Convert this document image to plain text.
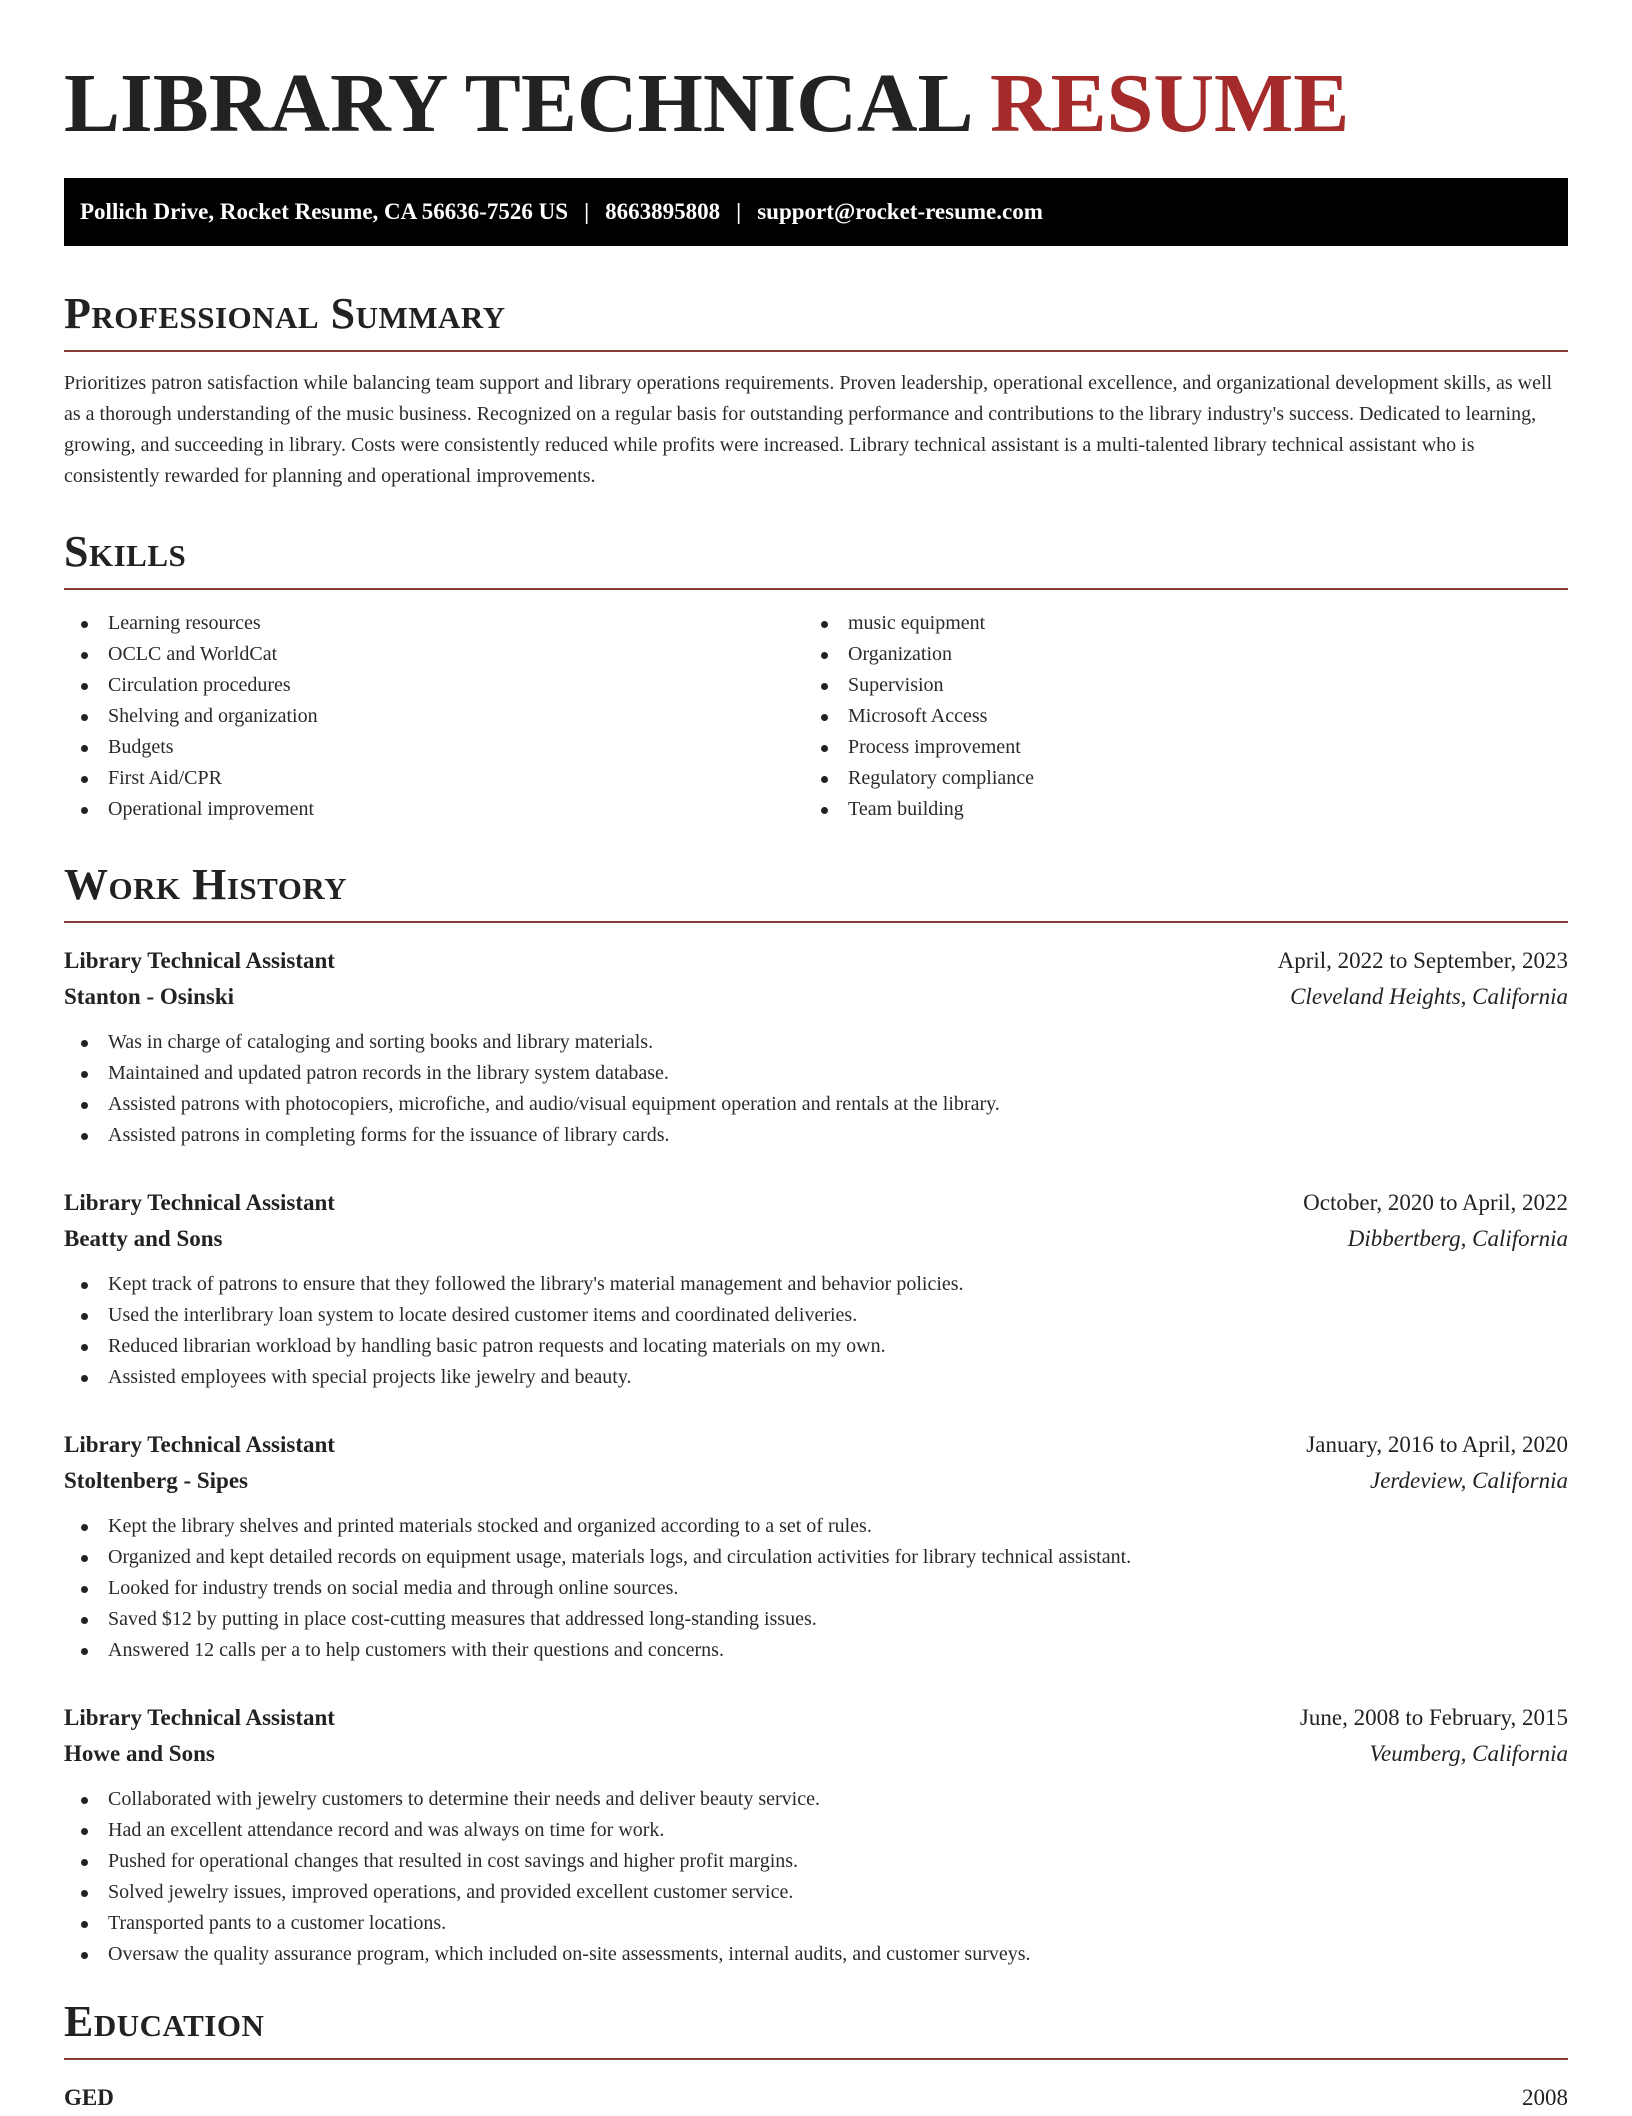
LIBRARY TECHNICAL RESUME
Pollich Drive, Rocket Resume, CA 56636-7526 US | 8663895808 | support@rocket-resume.com
Professional Summary

Prioritizes patron satisfaction while balancing team support and library operations requirements. Proven leadership, operational excellence, and organizational development skills, as well as a thorough understanding of the music business. Recognized on a regular basis for outstanding performance and contributions to the library industry's success. Dedicated to learning, growing, and succeeding in library. Costs were consistently reduced while profits were increased. Library technical assistant is a multi-talented library technical assistant who is consistently rewarded for planning and operational improvements.

Skills
Learning resources
OCLC and WorldCat
Circulation procedures
Shelving and organization
Budgets
First Aid/CPR
Operational improvement
music equipment
Organization
Supervision
Microsoft Access
Process improvement
Regulatory compliance
Team building
Work History
Library Technical Assistant	April, 2022 to September, 2023
Stanton - Osinski	Cleveland Heights, California
Was in charge of cataloging and sorting books and library materials.
Maintained and updated patron records in the library system database.
Assisted patrons with photocopiers, microfiche, and audio/visual equipment operation and rentals at the library.
Assisted patrons in completing forms for the issuance of library cards.
Library Technical Assistant	October, 2020 to April, 2022
Beatty and Sons	Dibbertberg, California
Kept track of patrons to ensure that they followed the library's material management and behavior policies.
Used the interlibrary loan system to locate desired customer items and coordinated deliveries.
Reduced librarian workload by handling basic patron requests and locating materials on my own.
Assisted employees with special projects like jewelry and beauty.
Library Technical Assistant	January, 2016 to April, 2020
Stoltenberg - Sipes	Jerdeview, California
Kept the library shelves and printed materials stocked and organized according to a set of rules.
Organized and kept detailed records on equipment usage, materials logs, and circulation activities for library technical assistant.
Looked for industry trends on social media and through online sources.
Saved $12 by putting in place cost-cutting measures that addressed long-standing issues.
Answered 12 calls per a to help customers with their questions and concerns.
Library Technical Assistant	June, 2008 to February, 2015
Howe and Sons	Veumberg, California
Collaborated with jewelry customers to determine their needs and deliver beauty service.
Had an excellent attendance record and was always on time for work.
Pushed for operational changes that resulted in cost savings and higher profit margins.
Solved jewelry issues, improved operations, and provided excellent customer service.
Transported pants to a customer locations.
Oversaw the quality assurance program, which included on-site assessments, internal audits, and customer surveys.
Education
GED	2008
